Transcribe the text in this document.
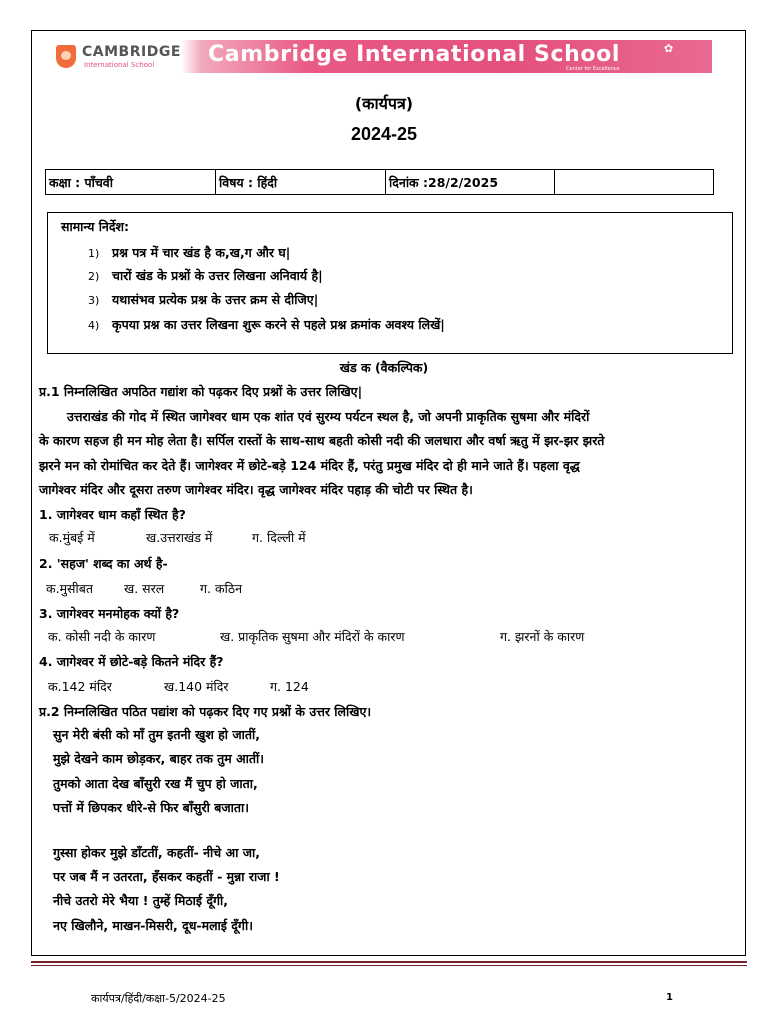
CAMBRIDGE
International School Cambridge International School
Center for Excellence
✿
(कार्यपत्र)
2024-25
कक्षा : पाँचवी	विषय : हिंदी	दिनांक :28/2/2025	
सामान्य निर्देश:
1) प्रश्न पत्र में चार खंड है क,ख,ग और घ|
2) चारों खंड के प्रश्नों के उत्तर लिखना अनिवार्य है|
3) यथासंभव प्रत्येक प्रश्न के उत्तर क्रम से दीजिए|
4) कृपया प्रश्न का उत्तर लिखना शुरू करने से पहले प्रश्न क्रमांक अवश्य लिखें|
खंड क (वैकल्पिक)
प्र.1 निम्नलिखित अपठित गद्यांश को पढ़कर दिए प्रश्नों के उत्तर लिखिए|
उत्तराखंड की गोद में स्थित जागेश्वर धाम एक शांत एवं सुरम्य पर्यटन स्थल है, जो अपनी प्राकृतिक सुषमा और मंदिरों
के कारण सहज ही मन मोह लेता है। सर्पिल रास्तों के साथ-साथ बहती कोसी नदी की जलधारा और वर्षा ऋतु में झर-झर झरते
झरने मन को रोमांचित कर देते हैं। जागेश्वर में छोटे-बड़े 124 मंदिर हैं, परंतु प्रमुख मंदिर दो ही माने जाते हैं। पहला वृद्ध
जागेश्वर मंदिर और दूसरा तरुण जागेश्वर मंदिर। वृद्ध जागेश्वर मंदिर पहाड़ की चोटी पर स्थित है।
1. जागेश्वर धाम कहाँ स्थित है?
क.मुंबई में	ख.उत्तराखंड में	ग. दिल्ली में
2. 'सहज' शब्द का अर्थ है-
क.मुसीबत ख. सरल	ग. कठिन
3. जागेश्वर मनमोहक क्यों है?
क. कोसी नदी के कारण	ख. प्राकृतिक सुषमा और मंदिरों के कारण	ग. झरनों के कारण
4. जागेश्वर में छोटे-बड़े कितने मंदिर हैं?
क.142 मंदिर	ख.140 मंदिर	ग. 124
प्र.2 निम्नलिखित पठित पद्यांश को पढ़कर दिए गए प्रश्नों के उत्तर लिखिए।
सुन मेरी बंसी को माँ तुम इतनी खुश हो जातीं,
मुझे देखने काम छोड़कर, बाहर तक तुम आतीं।
तुमको आता देख बाँसुरी रख मैं चुप हो जाता,
पत्तों में छिपकर धीरे-से फिर बाँसुरी बजाता।
गुस्सा होकर मुझे डाँटतीं, कहतीं- नीचे आ जा,
पर जब मैं न उतरता, हँसकर कहतीं - मुन्ना राजा !
नीचे उतरो मेरे भैया ! तुम्हें मिठाई दूँगी,
नए खिलौने, माखन-मिसरी, दूध-मलाई दूँगी।
कार्यपत्र/हिंदी/कक्षा-5/2024-25	1
